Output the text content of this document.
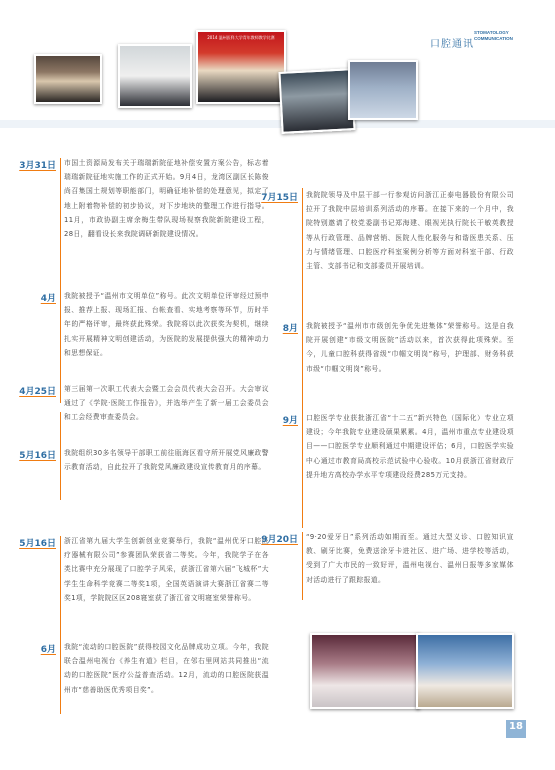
2014 温州医科大学青年教师教学比赛
口腔通讯
STOMATOLOGY
COMMUNICATION
3月31日 市国土资源局发布关于瑞瑞新院征地补偿安置方案公告，标志着瑞瑞新院征地实施工作的正式开始。9月4日，龙湾区副区长陈俊尚召集国土规划等职能部门，明确征地补偿的处理意见，拟定了地上附着物补偿的初步协议，对下步地块的整理工作进行指导。11月，市政协副主席余梅生带队现场视察我院新院建设工程，28日，翻看设长来我院调研新院建设情况。

4月 我院被授予“温州市文明单位”称号。此次文明单位评审经过预申报、推荐上报、现场汇报、台帐查看、实地考察等环节，历时半年的严格评审，最终获此殊荣。我院将以此次获奖为契机，继续扎实开展精神文明创建活动，为医院的发展提供强大的精神动力和思想保证。

4月25日 第三届第一次职工代表大会暨工会会员代表大会召开。大会审议通过了《学院·医院工作报告》，并选举产生了新一届工会委员会和工会经费审查委员会。

5月16日 我院组织30多名领导干部职工前往瓯海区看守所开展党风廉政警示教育活动，自此拉开了我院党风廉政建设宣传教育月的序幕。

5月16日 浙江省第九届大学生创新创业竞赛举行，我院“温州优牙口腔医疗器械有限公司”参赛团队荣获省二等奖。今年，我院学子在各类比赛中充分展现了口腔学子风采，获浙江省第六届“飞城杯”大学生生命科学竞赛二等奖1项，全国英语演讲大赛浙江省赛二等奖1项，学院院区区208寝室获了浙江省文明寝室荣誉称号。

6月 我院“流动的口腔医院”获得校园文化品牌成功立项。今年，我院联合温州电视台《养生有道》栏目，在邻右里网站共同推出“流动的口腔医院”医疗公益普查活动。12月，流动的口腔医院获温州市“慈善助医优秀项目奖”。

7月15日 我院院领导及中层干部一行参观访问浙江正泰电器股份有限公司拉开了我院中层培训系列活动的序幕。在接下来的一个月中，我院特别邀请了校党委副书记郑海建、眼视光执行院长干敏英教授等从行政管理、品牌营销、医院人性化服务与和谐医患关系、压力与情绪管理、口腔医疗科室案例分析等方面对科室干部、行政主管、支部书记和支部委员开展培训。

8月 我院被授予“温州市市级创先争优先进集体”荣誉称号。这是自我院开展创建“市级文明医院”活动以来，首次获得此项殊荣。至今，儿童口腔科获得省级“巾帼文明岗”称号，护理部、财务科获市级“巾帼文明岗”称号。

9月 口腔医学专业获批浙江省“十二五”新兴特色（国际化）专业立项建设；今年我院专业建设硕果累累。4月，温州市重点专业建设项目——口腔医学专业顺利通过中期建设评估；6月，口腔医学实验中心通过市教育局高校示范试验中心验收。10月获浙江省财政厅提升地方高校办学水平专项建设经费285万元支持。

9月20日 “9·20爱牙日”系列活动如期而至。通过大型义诊、口腔知识宣教、刷牙比赛，免费送涂牙卡进社区、进广场、进学校等活动，受到了广大市民的一致好评，温州电视台、温州日报等多家媒体对活动进行了跟踪报道。

18
